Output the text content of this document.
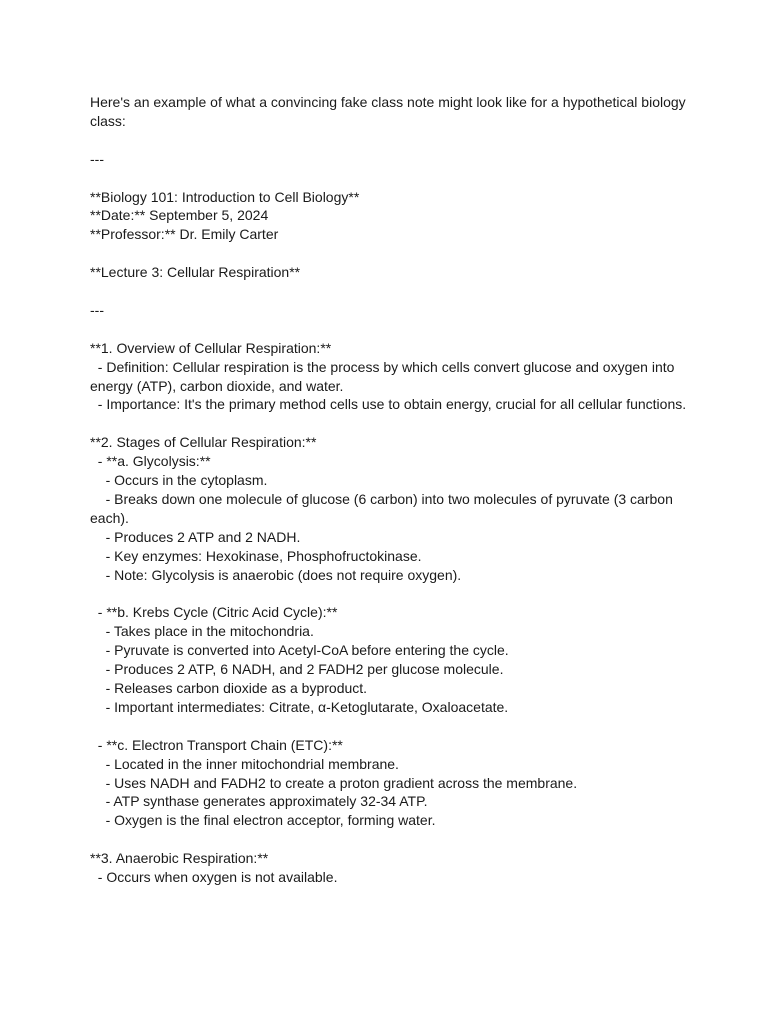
Here's an example of what a convincing fake class note might look like for a hypothetical biology class:

---

**Biology 101: Introduction to Cell Biology**

**Date:** September 5, 2024

**Professor:** Dr. Emily Carter

**Lecture 3: Cellular Respiration**

---

**1. Overview of Cellular Respiration:**

- Definition: Cellular respiration is the process by which cells convert glucose and oxygen into energy (ATP), carbon dioxide, and water.

- Importance: It's the primary method cells use to obtain energy, crucial for all cellular functions.

**2. Stages of Cellular Respiration:**

- **a. Glycolysis:**

- Occurs in the cytoplasm.

- Breaks down one molecule of glucose (6 carbon) into two molecules of pyruvate (3 carbon each).

- Produces 2 ATP and 2 NADH.

- Key enzymes: Hexokinase, Phosphofructokinase.

- Note: Glycolysis is anaerobic (does not require oxygen).

- **b. Krebs Cycle (Citric Acid Cycle):**

- Takes place in the mitochondria.

- Pyruvate is converted into Acetyl-CoA before entering the cycle.

- Produces 2 ATP, 6 NADH, and 2 FADH2 per glucose molecule.

- Releases carbon dioxide as a byproduct.

- Important intermediates: Citrate, α-Ketoglutarate, Oxaloacetate.

- **c. Electron Transport Chain (ETC):**

- Located in the inner mitochondrial membrane.

- Uses NADH and FADH2 to create a proton gradient across the membrane.

- ATP synthase generates approximately 32-34 ATP.

- Oxygen is the final electron acceptor, forming water.

**3. Anaerobic Respiration:**

- Occurs when oxygen is not available.
